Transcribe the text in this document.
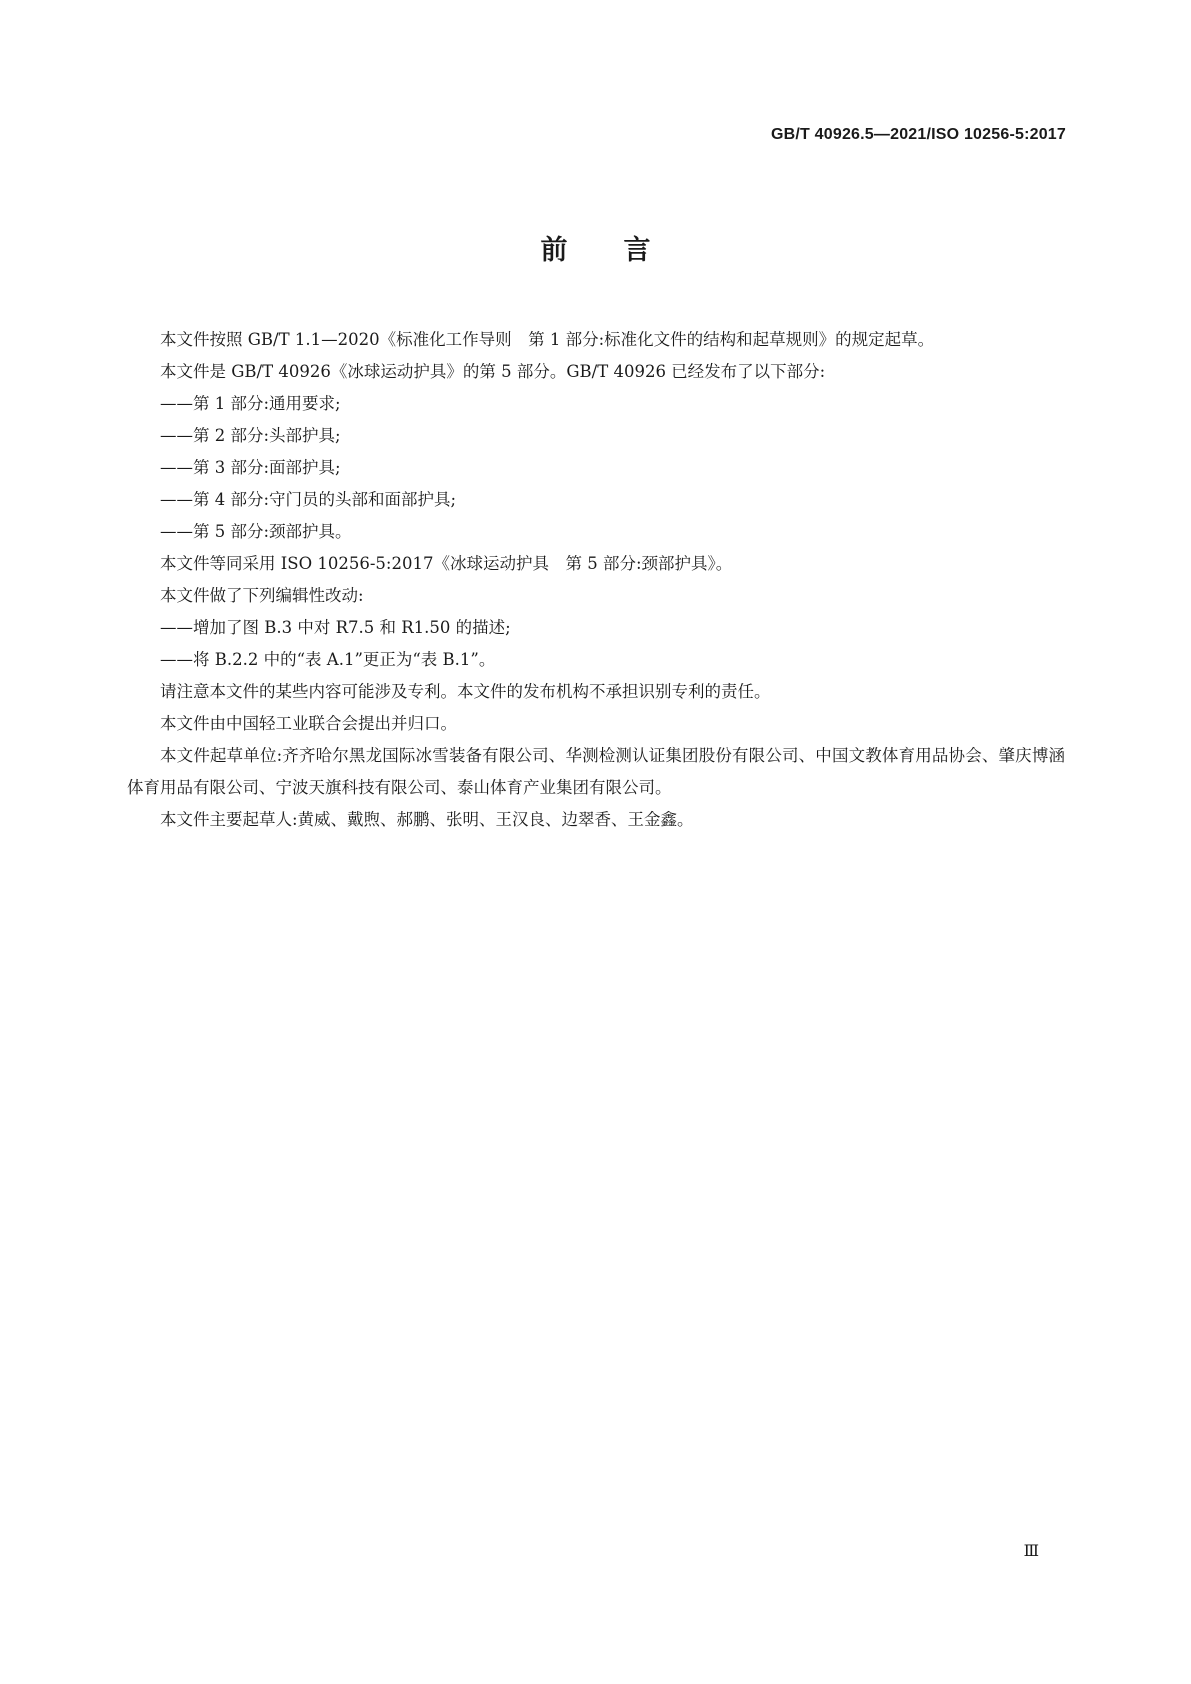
GB/T 40926.5—2021/ISO 10256-5:2017
前言

本文件按照 GB/T 1.1—2020《标准化工作导则　第 1 部分:标准化文件的结构和起草规则》的规定起草。

本文件是 GB/T 40926《冰球运动护具》的第 5 部分。GB/T 40926 已经发布了以下部分:

——第 1 部分:通用要求;

——第 2 部分:头部护具;

——第 3 部分:面部护具;

——第 4 部分:守门员的头部和面部护具;

——第 5 部分:颈部护具。

本文件等同采用 ISO 10256-5:2017《冰球运动护具　第 5 部分:颈部护具》。

本文件做了下列编辑性改动:

——增加了图 B.3 中对 R7.5 和 R1.50 的描述;

——将 B.2.2 中的“表 A.1”更正为“表 B.1”。

请注意本文件的某些内容可能涉及专利。本文件的发布机构不承担识别专利的责任。

本文件由中国轻工业联合会提出并归口。

本文件起草单位:齐齐哈尔黑龙国际冰雪装备有限公司、华测检测认证集团股份有限公司、中国文教体育用品协会、肇庆博涵体育用品有限公司、宁波天旗科技有限公司、泰山体育产业集团有限公司。

本文件主要起草人:黄威、戴煦、郝鹏、张明、王汉良、边翠香、王金鑫。

Ⅲ
